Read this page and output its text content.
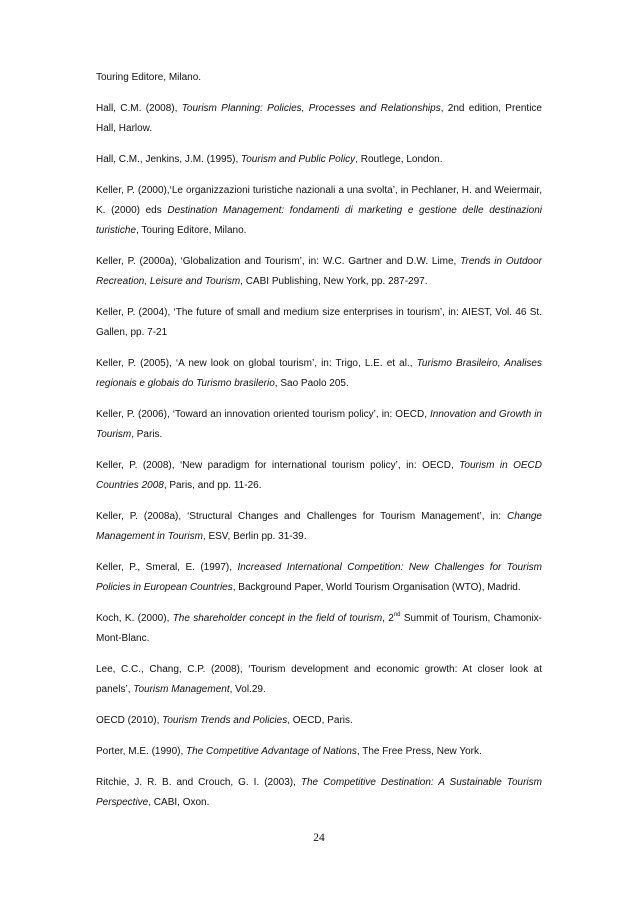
Touring Editore, Milano.

Hall, C.M. (2008), Tourism Planning: Policies, Processes and Relationships, 2nd edition, Prentice Hall, Harlow.

Hall, C.M., Jenkins, J.M. (1995), Tourism and Public Policy, Routlege, London.

Keller, P. (2000),‘Le organizzazioni turistiche nazionali a una svolta’, in Pechlaner, H. and Weiermair, K. (2000) eds Destination Management: fondamenti di marketing e gestione delle destinazioni turistiche, Touring Editore, Milano.

Keller, P. (2000a), ‘Globalization and Tourism’, in: W.C. Gartner and D.W. Lime, Trends in Outdoor Recreation, Leisure and Tourism, CABI Publishing, New York, pp. 287-297.

Keller, P. (2004), ‘The future of small and medium size enterprises in tourism’, in: AIEST, Vol. 46 St. Gallen, pp. 7-21

Keller, P. (2005), ‘A new look on global tourism’, in: Trigo, L.E. et al., Turismo Brasileiro, Analises regionais e globais do Turismo brasilerio, Sao Paolo 205.

Keller, P. (2006), ‘Toward an innovation oriented tourism policy’, in: OECD, Innovation and Growth in Tourism, Paris.

Keller, P. (2008), ‘New paradigm for international tourism policy’, in: OECD, Tourism in OECD Countries 2008, Paris, and pp. 11-26.

Keller, P. (2008a), ‘Structural Changes and Challenges for Tourism Management’, in: Change Management in Tourism, ESV, Berlin pp. 31-39.

Keller, P., Smeral, E. (1997), Increased International Competition: New Challenges for Tourism Policies in European Countries, Background Paper, World Tourism Organisation (WTO), Madrid.

Koch, K. (2000), The shareholder concept in the field of tourism, 2nd Summit of Tourism, Chamonix-Mont-Blanc.

Lee, C.C., Chang, C.P. (2008), ‘Tourism development and economic growth: At closer look at panels’, Tourism Management, Vol.29.

OECD (2010), Tourism Trends and Policies, OECD, Paris.

Porter, M.E. (1990), The Competitive Advantage of Nations, The Free Press, New York.

Ritchie, J. R. B. and Crouch, G. I. (2003), The Competitive Destination: A Sustainable Tourism Perspective, CABI, Oxon.

24
